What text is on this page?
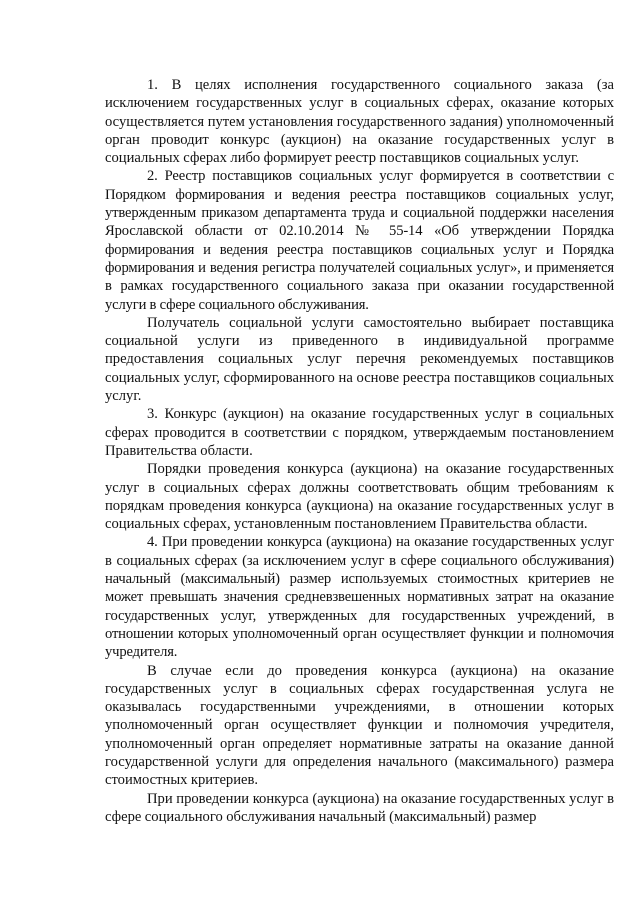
1. В целях исполнения государственного социального заказа (за исключением государственных услуг в социальных сферах, оказание которых осуществляется путем установления государственного задания) уполномоченный орган проводит конкурс (аукцион) на оказание государственных услуг в социальных сферах либо формирует реестр поставщиков социальных услуг.

2. Реестр поставщиков социальных услуг формируется в соответствии с Порядком формирования и ведения реестра поставщиков социальных услуг, утвержденным приказом департамента труда и социальной поддержки населения Ярославской области от 02.10.2014 № 55-14 «Об утверждении Порядка формирования и ведения реестра поставщиков социальных услуг и Порядка формирования и ведения регистра получателей социальных услуг», и применяется в рамках государственного социального заказа при оказании государственной услуги в сфере социального обслуживания.

Получатель социальной услуги самостоятельно выбирает поставщика социальной услуги из приведенного в индивидуальной программе предоставления социальных услуг перечня рекомендуемых поставщиков социальных услуг, сформированного на основе реестра поставщиков социальных услуг.

3. Конкурс (аукцион) на оказание государственных услуг в социальных сферах проводится в соответствии с порядком, утверждаемым постановлением Правительства области.

Порядки проведения конкурса (аукциона) на оказание государственных услуг в социальных сферах должны соответствовать общим требованиям к порядкам проведения конкурса (аукциона) на оказание государственных услуг в социальных сферах, установленным постановлением Правительства области.

4. При проведении конкурса (аукциона) на оказание государственных услуг в социальных сферах (за исключением услуг в сфере социального обслуживания) начальный (максимальный) размер используемых стоимостных критериев не может превышать значения средневзвешенных нормативных затрат на оказание государственных услуг, утвержденных для государственных учреждений, в отношении которых уполномоченный орган осуществляет функции и полномочия учредителя.

В случае если до проведения конкурса (аукциона) на оказание государственных услуг в социальных сферах государственная услуга не оказывалась государственными учреждениями, в отношении которых уполномоченный орган осуществляет функции и полномочия учредителя, уполномоченный орган определяет нормативные затраты на оказание данной государственной услуги для определения начального (максимального) размера стоимостных критериев.

При проведении конкурса (аукциона) на оказание государственных услуг в сфере социального обслуживания начальный (максимальный) размер
